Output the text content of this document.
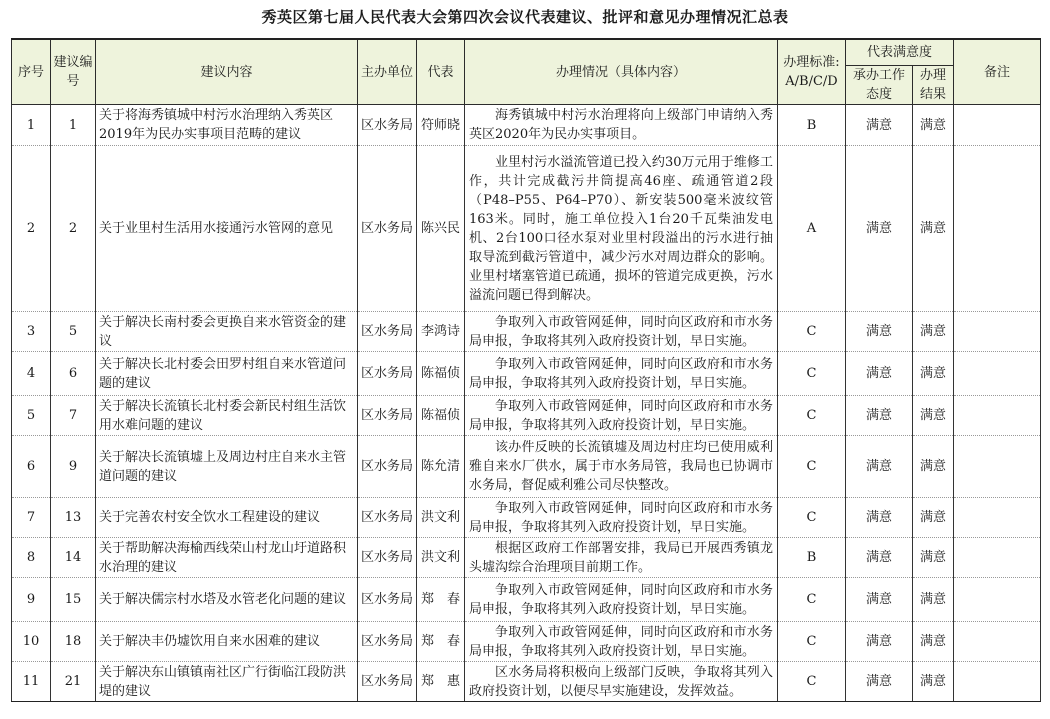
秀英区第七届人民代表大会第四次会议代表建议、批评和意见办理情况汇总表
序号	建议编号	建议内容	主办单位	代表	办理情况（具体内容）	办理标准: A/B/C/D	代表满意度		备注
							承办工作态度	办理结果	
1	1	关于将海秀镇城中村污水治理纳入秀英区2019年为民办实事项目范畴的建议	区水务局	符师晓	海秀镇城中村污水治理将向上级部门申请纳入秀英区2020年为民办实事项目。	B	满意	满意	
2	2	关于业里村生活用水接通污水管网的意见	区水务局	陈兴民	业里村污水溢流管道已投入约30万元用于维修工作，共计完成截污井筒提高46座、疏通管道2段（P48–P55、P64–P70）、新安装500毫米波纹管163米。同时，施工单位投入1台20千瓦柴油发电机、2台100口径水泵对业里村段溢出的污水进行抽取导流到截污管道中，减少污水对周边群众的影响。业里村堵塞管道已疏通，损坏的管道完成更换，污水溢流问题已得到解决。	A	满意	满意	
3	5	关于解决长南村委会更换自来水管资金的建议	区水务局	李鸿诗	争取列入市政管网延伸，同时向区政府和市水务局申报，争取将其列入政府投资计划，早日实施。	C	满意	满意	
4	6	关于解决长北村委会田罗村组自来水管道问题的建议	区水务局	陈福侦	争取列入市政管网延伸，同时向区政府和市水务局申报，争取将其列入政府投资计划，早日实施。	C	满意	满意	
5	7	关于解决长流镇长北村委会新民村组生活饮用水难问题的建议	区水务局	陈福侦	争取列入市政管网延伸，同时向区政府和市水务局申报，争取将其列入政府投资计划，早日实施。	C	满意	满意	
6	9	关于解决长流镇墟上及周边村庄自来水主管道问题的建议	区水务局	陈允清	该办件反映的长流镇墟及周边村庄均已使用威利雅自来水厂供水，属于市水务局管，我局也已协调市水务局，督促威利雅公司尽快整改。	C	满意	满意	
7	13	关于完善农村安全饮水工程建设的建议	区水务局	洪文利	争取列入市政管网延伸，同时向区政府和市水务局申报，争取将其列入政府投资计划，早日实施。	C	满意	满意	
8	14	关于帮助解决海榆西线荣山村龙山圩道路积水治理的建议	区水务局	洪文利	根据区政府工作部署安排，我局已开展西秀镇龙头墟沟综合治理项目前期工作。	B	满意	满意	
9	15	关于解决儒宗村水塔及水管老化问题的建议	区水务局	郑　春	争取列入市政管网延伸，同时向区政府和市水务局申报，争取将其列入政府投资计划，早日实施。	C	满意	满意	
10	18	关于解决丰仍墟饮用自来水困难的建议	区水务局	郑　春	争取列入市政管网延伸，同时向区政府和市水务局申报，争取将其列入政府投资计划，早日实施。	C	满意	满意	
11	21	关于解决东山镇镇南社区广行街临江段防洪堤的建议	区水务局	郑　惠	区水务局将积极向上级部门反映，争取将其列入政府投资计划，以便尽早实施建设，发挥效益。	C	满意	满意	
